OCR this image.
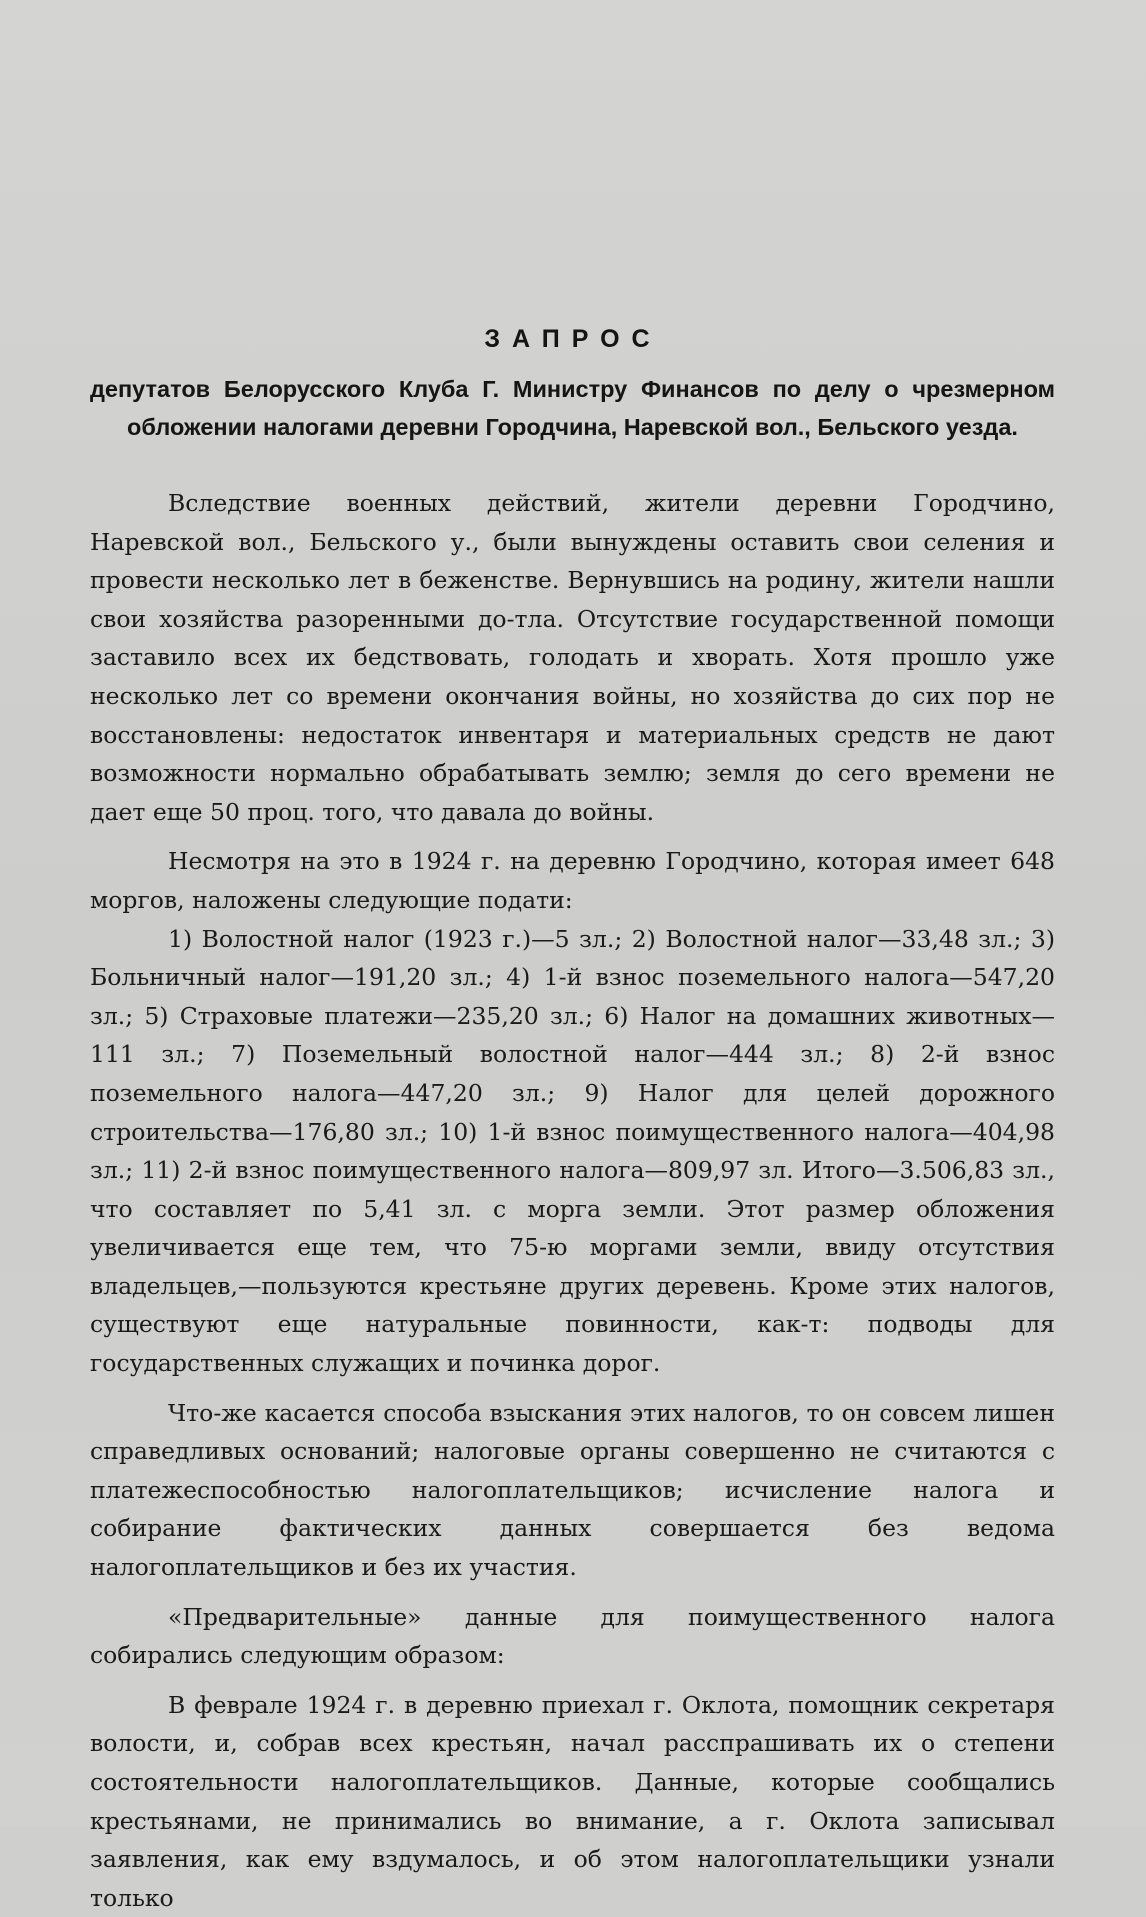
ЗАПРОС
депутатов Белорусского Клуба Г. Министру Финансов по делу о чрезмерном обложении налогами деревни Городчина, Наревской вол., Бельского уезда.

Вследствие военных действий, жители деревни Городчино, Наревской вол., Бельского у., были вынуждены оставить свои селения и провести несколько лет в беженстве. Вернувшись на родину, жители нашли свои хозяйства разоренными до-тла. Отсутствие государственной помощи заставило всех их бедствовать, голодать и хворать. Хотя прошло уже несколько лет со времени окончания войны, но хозяйства до сих пор не восстановлены: недостаток инвентаря и материальных средств не дают возможности нормально обрабатывать землю; земля до сего времени не дает еще 50 проц. того, что давала до войны.

Несмотря на это в 1924 г. на деревню Городчино, которая имеет 648 моргов, наложены следующие подати:

1) Волостной налог (1923 г.)—5 зл.; 2) Волостной налог—33,48 зл.; 3) Больничный налог—191,20 зл.; 4) 1-й взнос поземельного налога—547,20 зл.; 5) Страховые платежи—235,20 зл.; 6) Налог на домашних животных—111 зл.; 7) Поземельный волостной налог—444 зл.; 8) 2-й взнос поземельного налога—447,20 зл.; 9) Налог для целей дорожного строительства—176,80 зл.; 10) 1-й взнос поимущественного налога—404,98 зл.; 11) 2-й взнос поимущественного налога—809,97 зл. Итого—3.506,83 зл., что составляет по 5,41 зл. с морга земли. Этот размер обложения увеличивается еще тем, что 75-ю моргами земли, ввиду отсутствия владельцев,—пользуются крестьяне других деревень. Кроме этих налогов, существуют еще натуральные повинности, как-т: подводы для государственных служащих и починка дорог.

Что-же касается способа взыскания этих налогов, то он совсем лишен справедливых оснований; налоговые органы совершенно не считаются с платежеспособностью налогоплательщиков; исчисление налога и собирание фактических данных совершается без ведома налогоплательщиков и без их участия.

«Предварительные» данные для поимущественного налога собирались следующим образом:

В феврале 1924 г. в деревню приехал г. Оклота, помощник секретаря волости, и, собрав всех крестьян, начал расспрашивать их о степени состоятельности налогоплательщиков. Данные, которые сообщались крестьянами, не принимались во внимание, а г. Оклота записывал заявления, как ему вздумалось, и об этом налогоплательщики узнали только
